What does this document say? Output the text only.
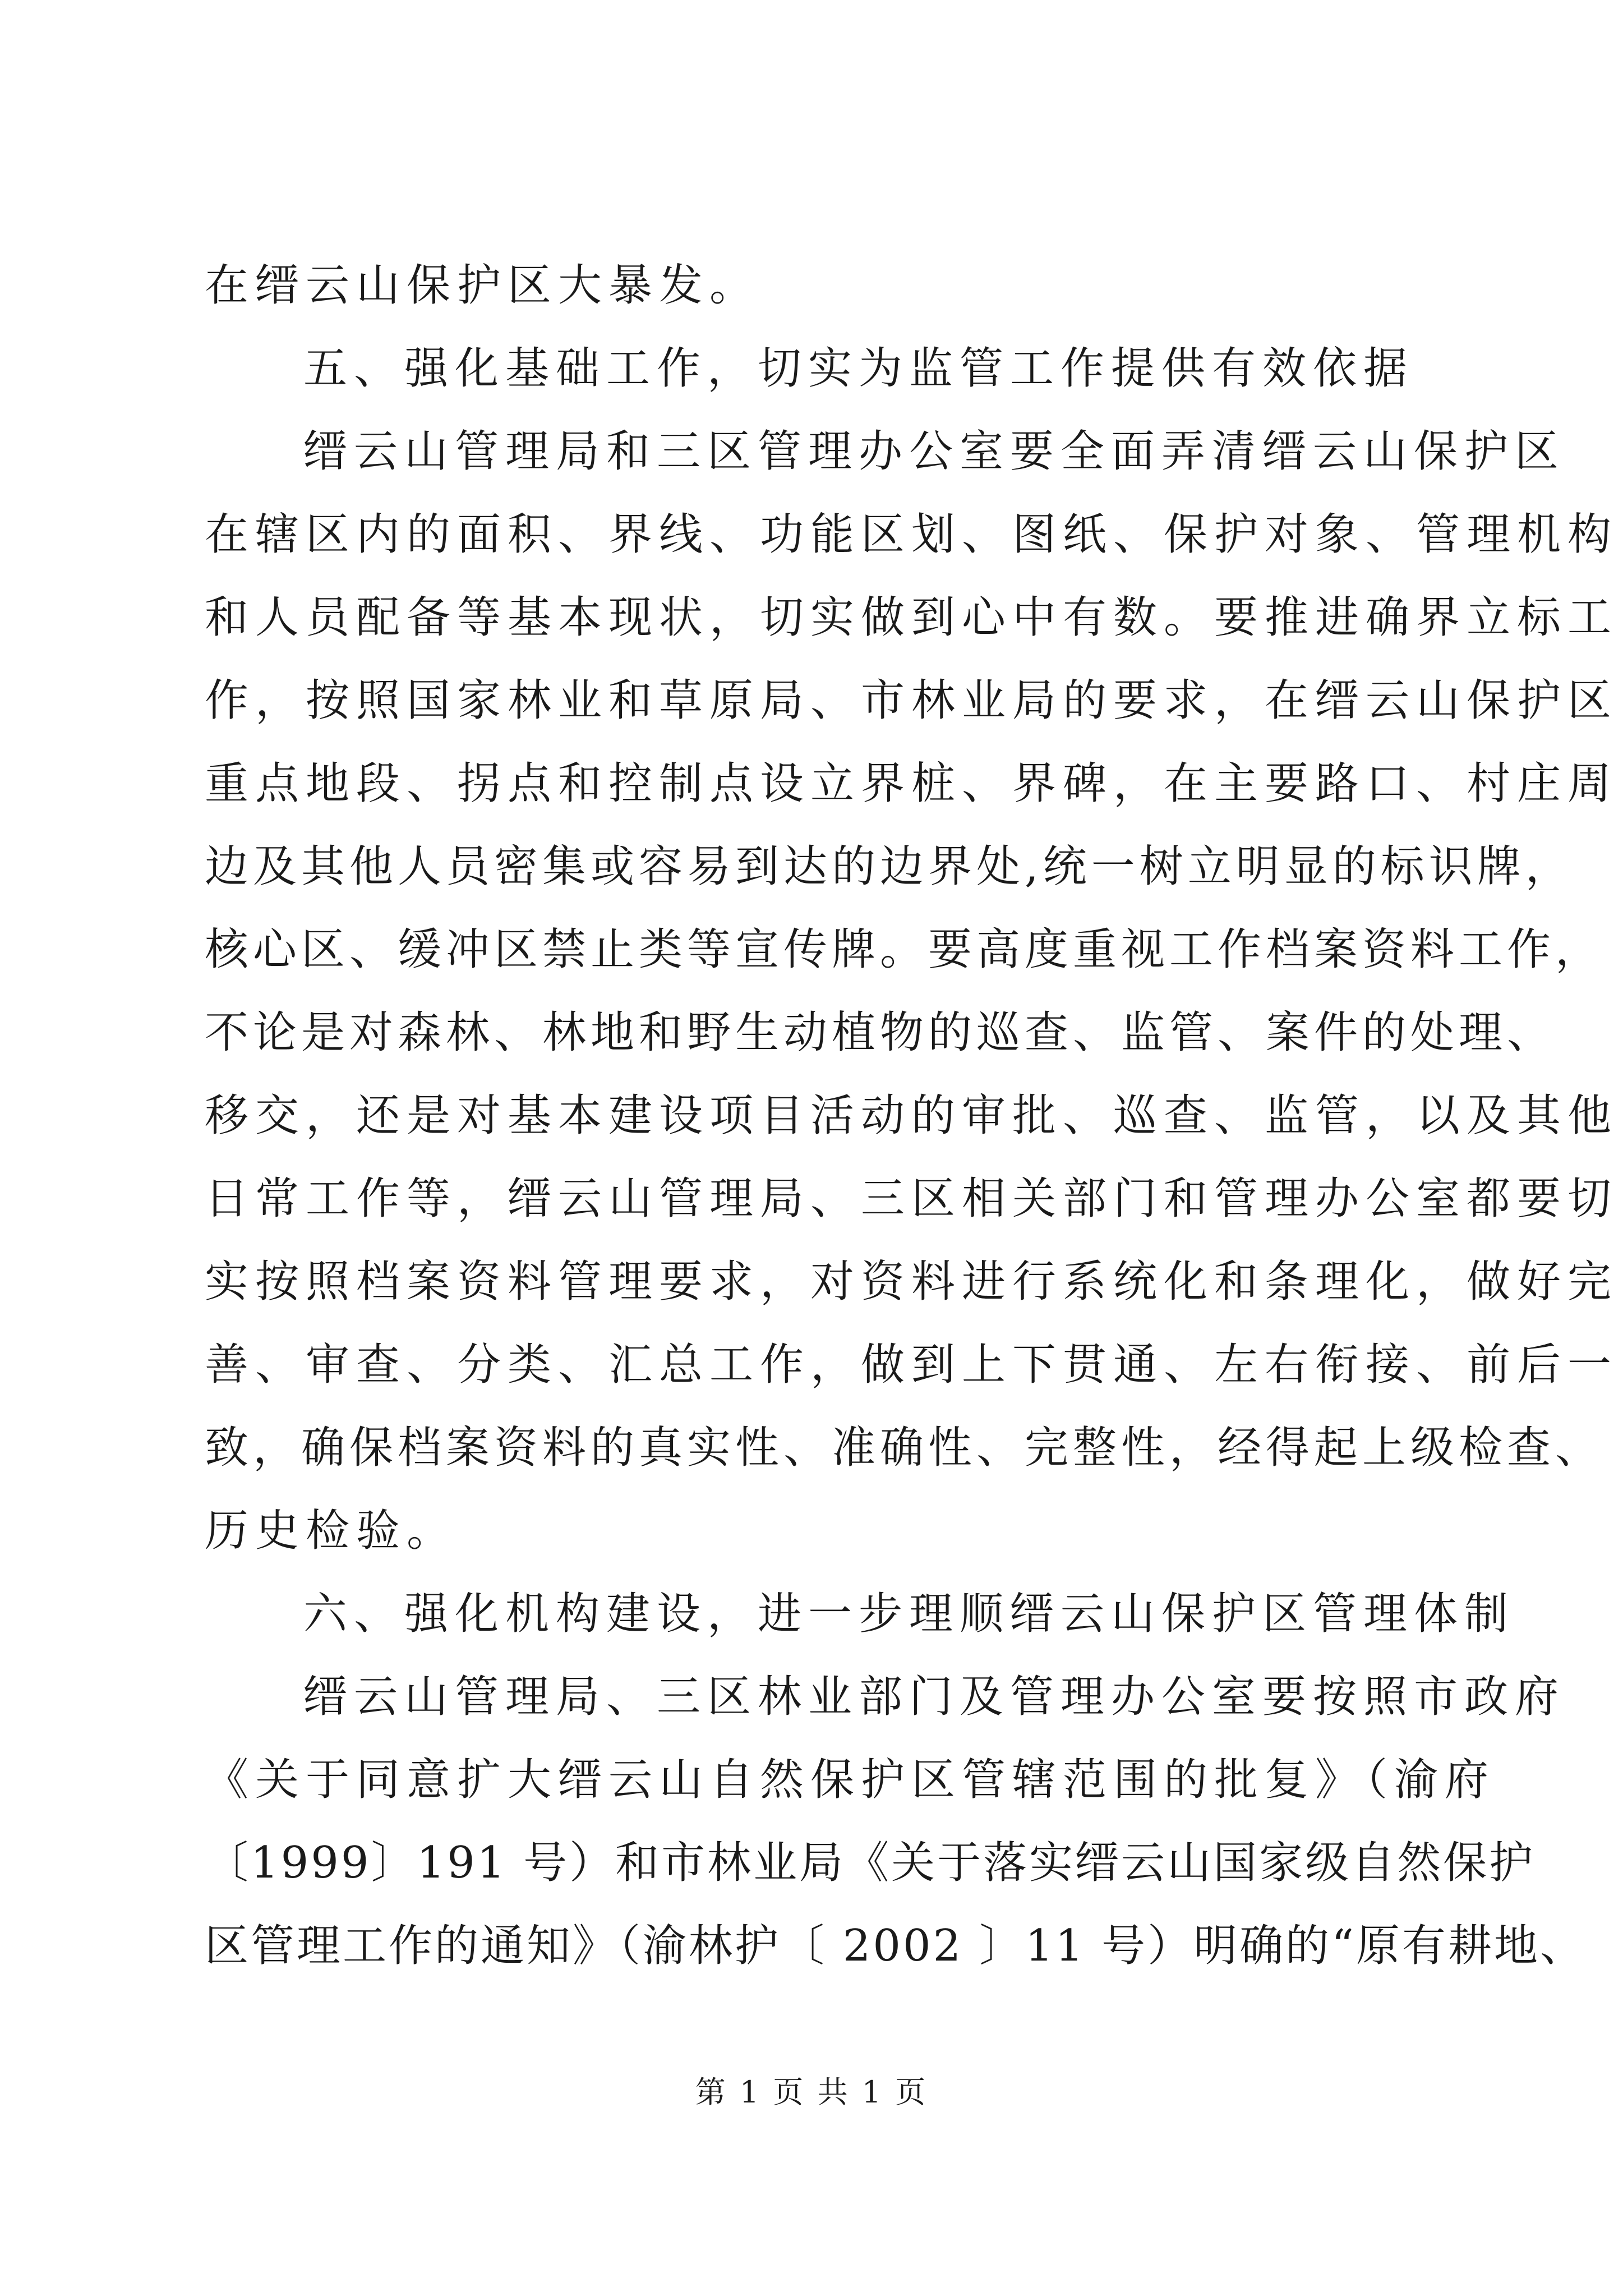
在缙云山保护区大暴发。
五、强化基础工作，切实为监管工作提供有效依据
缙云山管理局和三区管理办公室要全面弄清缙云山保护区
在辖区内的面积、界线、功能区划、图纸、保护对象、管理机构
和人员配备等基本现状，切实做到心中有数。要推进确界立标工
作，按照国家林业和草原局、市林业局的要求，在缙云山保护区
重点地段、拐点和控制点设立界桩、界碑，在主要路口、村庄周
边及其他人员密集或容易到达的边界处,统一树立明显的标识牌，
核心区、缓冲区禁止类等宣传牌。要高度重视工作档案资料工作，
不论是对森林、林地和野生动植物的巡查、监管、案件的处理、
移交，还是对基本建设项目活动的审批、巡查、监管，以及其他
日常工作等，缙云山管理局、三区相关部门和管理办公室都要切
实按照档案资料管理要求，对资料进行系统化和条理化，做好完
善、审查、分类、汇总工作，做到上下贯通、左右衔接、前后一
致，确保档案资料的真实性、准确性、完整性，经得起上级检查、
历史检验。
六、强化机构建设，进一步理顺缙云山保护区管理体制
缙云山管理局、三区林业部门及管理办公室要按照市政府
《关于同意扩大缙云山自然保护区管辖范围的批复》（渝府
〔1999〕191 号）和市林业局《关于落实缙云山国家级自然保护
区管理工作的通知》（渝林护〔 2002 〕11 号）明确的“原有耕地、
第 1 页 共 1 页
